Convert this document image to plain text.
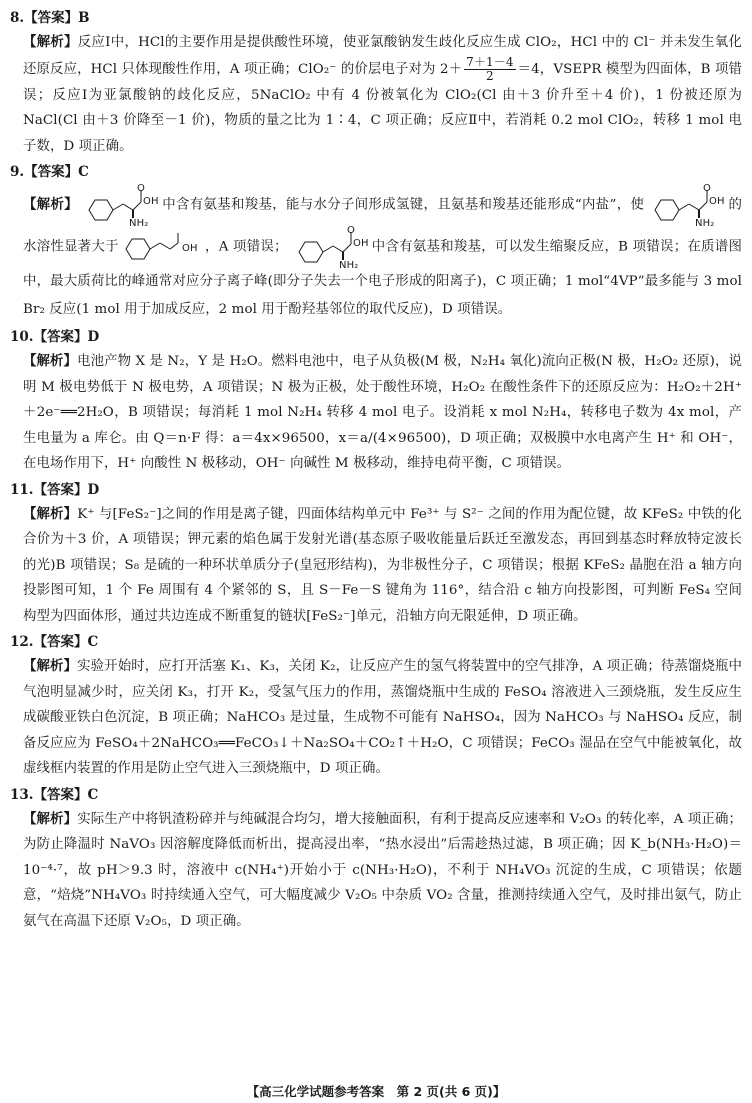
8.【答案】B
【解析】反应Ⅰ中，HCl的主要作用是提供酸性环境，使亚氯酸钠发生歧化反应生成 ClO₂，HCl 中的 Cl⁻ 并未发生氧化还原反应，HCl 只体现酸性作用，A 项正确；ClO₂⁻ 的价层电子对为 $2+ \frac{7+1-4}{2} =4$，VSEPR 模型为四面体，B 项错误；反应Ⅰ为亚氯酸钠的歧化反应，5NaClO₂ 中有 4 份被氧化为 ClO₂(Cl 由＋3 价升至＋4 价)，1 份被还原为 NaCl(Cl 由＋3 价降至－1 价)，物质的量之比为 1∶4，C 项正确；反应Ⅱ中，若消耗 0.2 mol ClO₂，转移 1 mol 电子数，D 项正确。
9.【答案】C
【解析】	OH
NH₂
O
中含有氨基和羧基，能与水分子间形成氢键，且氨基和羧基还能形成“内盐”，使	OH
NH₂
O
的水溶性显著大于	OH ，A 项错误；	OH
NH₂
O
中含有氨基和羧基，可以发生缩聚反应，B 项错误；在质谱图中，最大质荷比的峰通常对应分子离子峰(即分子失去一个电子形成的阳离子)，C 项正确；1 mol“4VP”最多能与 3 mol Br₂ 反应(1 mol 用于加成反应，2 mol 用于酚羟基邻位的取代反应)，D 项错误。
10.【答案】D
【解析】电池产物 X 是 N₂，Y 是 H₂O。燃料电池中，电子从负极(M 极，N₂H₄ 氧化)流向正极(N 极，H₂O₂ 还原)，说明 M 极电势低于 N 极电势，A 项错误；N 极为正极，处于酸性环境，H₂O₂ 在酸性条件下的还原反应为：H₂O₂＋2H⁺＋2e⁻══2H₂O，B 项错误；每消耗 1 mol N₂H₄ 转移 4 mol 电子。设消耗 x mol N₂H₄，转移电子数为 4x mol，产生电量为 a 库仑。由 Q＝n·F 得：a＝4x×96500，x＝a/(4×96500)，D 项正确；双极膜中水电离产生 H⁺ 和 OH⁻，在电场作用下，H⁺ 向酸性 N 极移动，OH⁻ 向碱性 M 极移动，维持电荷平衡，C 项错误。
11.【答案】D
【解析】K⁺ 与[FeS₂⁻]之间的作用是离子键，四面体结构单元中 Fe³⁺ 与 S²⁻ 之间的作用为配位键，故 KFeS₂ 中铁的化合价为＋3 价，A 项错误；钾元素的焰色属于发射光谱(基态原子吸收能量后跃迁至激发态，再回到基态时释放特定波长的光)B 项错误；S₈ 是硫的一种环状单质分子(皇冠形结构)，为非极性分子，C 项错误；根据 KFeS₂ 晶胞在沿 a 轴方向投影图可知，1 个 Fe 周围有 4 个紧邻的 S，且 S－Fe－S 键角为 116°，结合沿 c 轴方向投影图，可判断 FeS₄ 空间构型为四面体形，通过共边连成不断重复的链状[FeS₂⁻]单元，沿轴方向无限延伸，D 项正确。
12.【答案】C
【解析】实验开始时，应打开活塞 K₁、K₃，关闭 K₂，让反应产生的氢气将装置中的空气排净，A 项正确；待蒸馏烧瓶中气泡明显减少时，应关闭 K₃，打开 K₂，受氢气压力的作用，蒸馏烧瓶中生成的 FeSO₄ 溶液进入三颈烧瓶，发生反应生成碳酸亚铁白色沉淀，B 项正确；NaHCO₃ 是过量，生成物不可能有 NaHSO₄，因为 NaHCO₃ 与 NaHSO₄ 反应，制备反应应为 FeSO₄＋2NaHCO₃══FeCO₃↓＋Na₂SO₄＋CO₂↑＋H₂O，C 项错误；FeCO₃ 湿品在空气中能被氧化，故虚线框内装置的作用是防止空气进入三颈烧瓶中，D 项正确。
13.【答案】C
【解析】实际生产中将钒渣粉碎并与纯碱混合均匀，增大接触面积，有利于提高反应速率和 V₂O₃ 的转化率，A 项正确；为防止降温时 NaVO₃ 因溶解度降低而析出，提高浸出率，“热水浸出”后需趁热过滤，B 项正确；因 K_b(NH₃·H₂O)＝10⁻⁴·⁷，故 pH＞9.3 时，溶液中 c(NH₄⁺)开始小于 c(NH₃·H₂O)，不利于 NH₄VO₃ 沉淀的生成，C 项错误；依题意，“焙烧”NH₄VO₃ 时持续通入空气，可大幅度减少 V₂O₅ 中杂质 VO₂ 含量，推测持续通入空气，及时排出氨气，防止氨气在高温下还原 V₂O₅，D 项正确。
【高三化学试题参考答案　第 2 页(共 6 页)】
